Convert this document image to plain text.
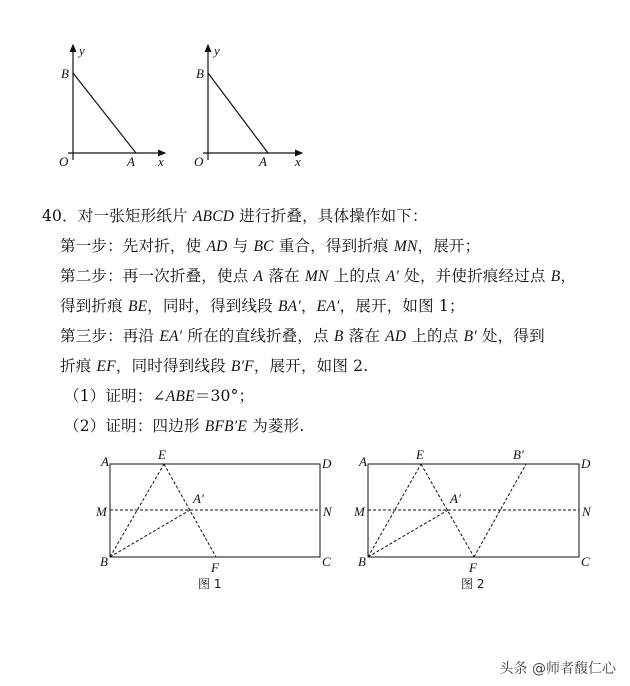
y
x
O
B
A
y
x
O
B
A
40．对一张矩形纸片 ABCD 进行折叠，具体操作如下：
第一步：先对折，使 AD 与 BC 重合，得到折痕 MN，展开；
第二步：再一次折叠，使点 A 落在 MN 上的点 A′ 处，并使折痕经过点 B，
得到折痕 BE，同时，得到线段 BA′，EA′，展开，如图 1；
第三步：再沿 EA′ 所在的直线折叠，点 B 落在 AD 上的点 B′ 处，得到
折痕 EF，同时得到线段 B′F，展开，如图 2.
（1）证明：∠ABE＝30°；
（2）证明：四边形 BFB′E 为菱形.
A	D
E
M	N
A′
B	F	C
图 1
A	D
E	B′
M	N
A′
B	F	C
图 2
头条 @师者馥仁心
